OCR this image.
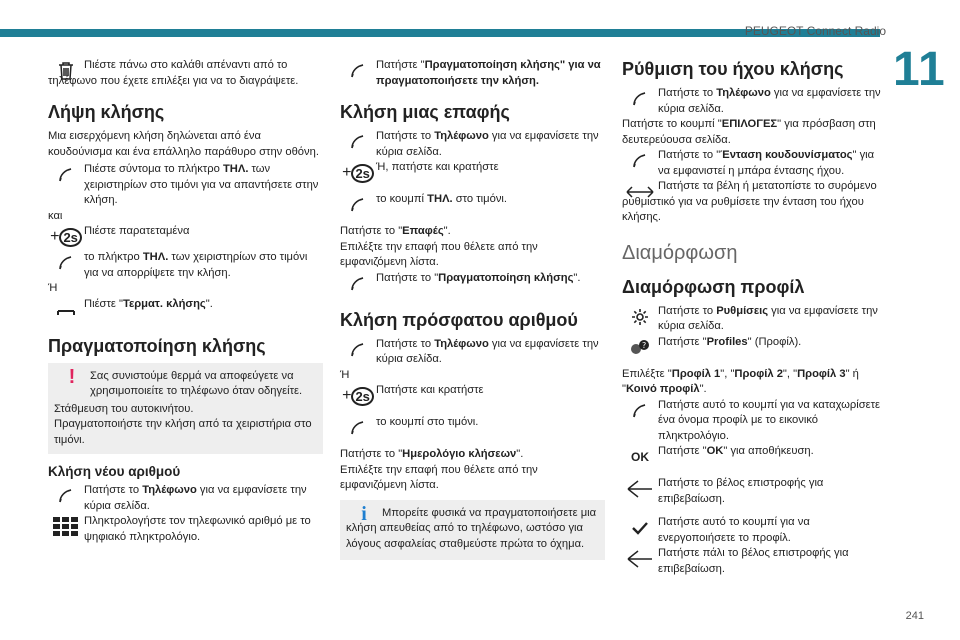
PEUGEOT Connect Radio
11
Πιέστε πάνω στο καλάθι απέναντι από το τηλέφωνο που έχετε επιλέξει για να το διαγράψετε.
Λήψη κλήσης

Μια εισερχόμενη κλήση δηλώνεται από ένα κουδούνισμα και ένα επάλληλο παράθυρο στην οθόνη.

Πιέστε σύντομα το πλήκτρο ΤΗΛ. των χειριστηρίων στο τιμόνι για να απαντήσετε στην κλήση.

και

+ 2s Πιέστε παρατεταμένα
το πλήκτρο ΤΗΛ. των χειριστηρίων στο τιμόνι για να απορρίψετε την κλήση.

Ή

Πιέστε "Τερματ. κλήσης".
Πραγματοποίηση κλήσης
!	Σας συνιστούμε θερμά να αποφεύγετε να χρησιμοποιείτε το τηλέφωνο όταν οδηγείτε.

Στάθμευση του αυτοκινήτου.

Πραγματοποιήστε την κλήση από τα χειριστήρια στο τιμόνι.

Κλήση νέου αριθμού
Πατήστε το Τηλέφωνο για να εμφανίσετε την κύρια σελίδα.
Πληκτρολογήστε τον τηλεφωνικό αριθμό με το ψηφιακό πληκτρολόγιο.
Πατήστε "Πραγματοποίηση κλήσης" για να πραγματοποιήσετε την κλήση.
Κλήση μιας επαφής
Πατήστε το Τηλέφωνο για να εμφανίσετε την κύρια σελίδα.
+ 2s Ή, πατήστε και κρατήστε
το κουμπί ΤΗΛ. στο τιμόνι.

Πατήστε το "Επαφές".

Επιλέξτε την επαφή που θέλετε από την εμφανιζόμενη λίστα.

Πατήστε το "Πραγματοποίηση κλήσης".
Κλήση πρόσφατου αριθμού
Πατήστε το Τηλέφωνο για να εμφανίσετε την κύρια σελίδα.

Ή

+ 2s Πατήστε και κρατήστε
το κουμπί στο τιμόνι.

Πατήστε το "Ημερολόγιο κλήσεων".

Επιλέξτε την επαφή που θέλετε από την εμφανιζόμενη λίστα.

i	Μπορείτε φυσικά να πραγματοποιήσετε μια κλήση απευθείας από το τηλέφωνο, ωστόσο για λόγους ασφαλείας σταθμεύστε πρώτα το όχημα.
Ρύθμιση του ήχου κλήσης
Πατήστε το Τηλέφωνο για να εμφανίσετε την κύρια σελίδα.

Πατήστε το κουμπί "ΕΠΙΛΟΓΕΣ" για πρόσβαση στη δευτερεύουσα σελίδα.

Πατήστε το "Ένταση κουδουνίσματος" για να εμφανιστεί η μπάρα έντασης ήχου.
Πατήστε τα βέλη ή μετατοπίστε το συρόμενο ρυθμιστικό για να ρυθμίσετε την ένταση του ήχου κλήσης.
Διαμόρφωση
Διαμόρφωση προφίλ
Πατήστε το Ρυθμίσεις για να εμφανίσετε την κύρια σελίδα.
? Πατήστε "Profiles" (Προφίλ).

Επιλέξτε "Προφίλ 1", "Προφίλ 2", "Προφίλ 3" ή "Κοινό προφίλ".

Πατήστε αυτό το κουμπί για να καταχωρίσετε ένα όνομα προφίλ με το εικονικό πληκτρολόγιο.
OK Πατήστε "OK" για αποθήκευση.
Πατήστε το βέλος επιστροφής για επιβεβαίωση.
Πατήστε αυτό το κουμπί για να ενεργοποιήσετε το προφίλ.
Πατήστε πάλι το βέλος επιστροφής για επιβεβαίωση.
241
